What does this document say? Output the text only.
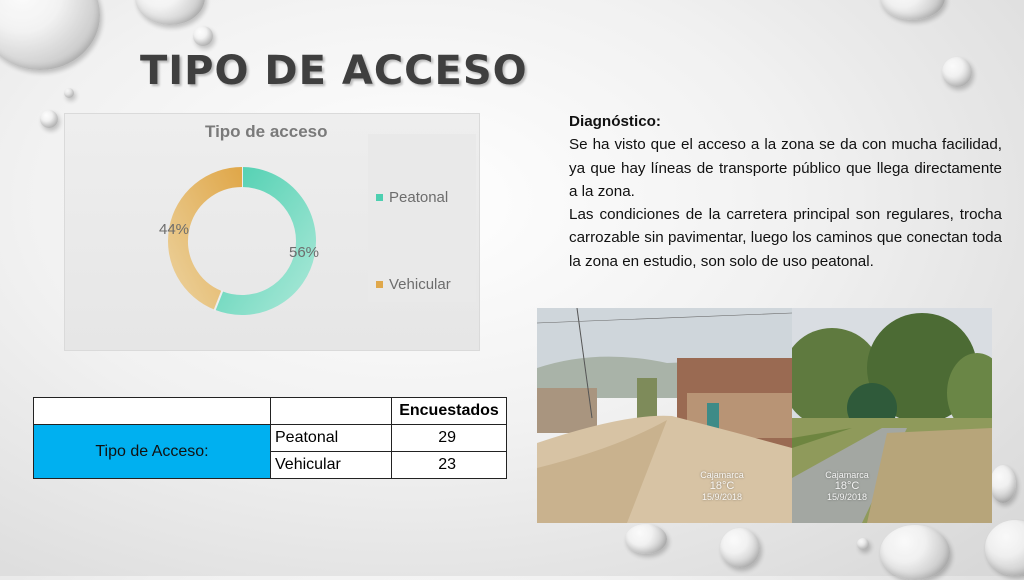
TIPO DE ACCESO
Tipo de acceso
56%
44%
Peatonal
Vehicular
Diagnóstico:

Se ha visto que el acceso a la zona se da con mucha facilidad, ya que hay líneas de transporte público que llega directamente a la zona.

Las condiciones de la carretera principal son regulares, trocha carrozable sin pavimentar, luego los caminos que conectan toda la zona en estudio, son solo de uso peatonal.

Cajamarca
18°C
15/9/2018
Cajamarca
18°C
15/9/2018
		Encuestados
Tipo de Acceso:	Peatonal	29
	Vehicular	23
